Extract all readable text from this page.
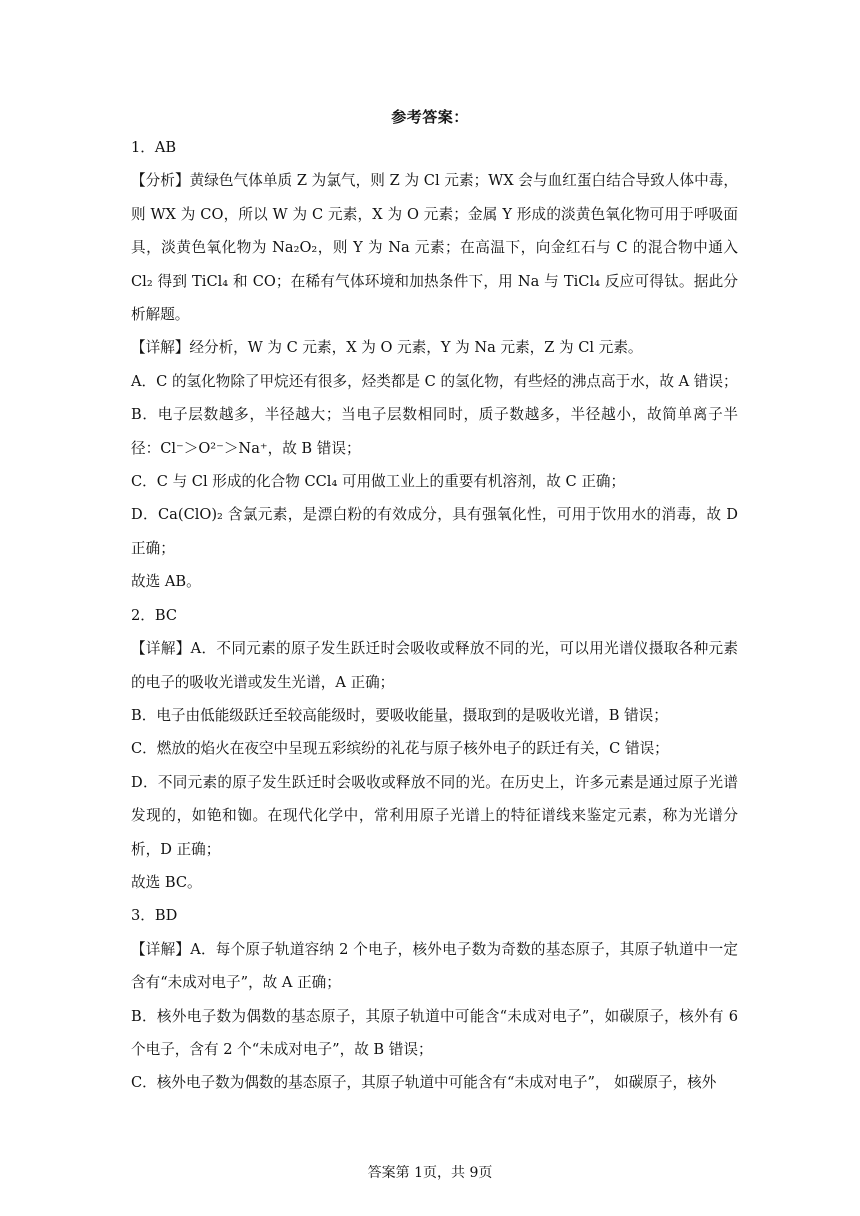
参考答案：

1．AB

【分析】黄绿色气体单质 Z 为氯气，则 Z 为 Cl 元素；WX 会与血红蛋白结合导致人体中毒，则 WX 为 CO，所以 W 为 C 元素，X 为 O 元素；金属 Y 形成的淡黄色氧化物可用于呼吸面具，淡黄色氧化物为 Na₂O₂，则 Y 为 Na 元素；在高温下，向金红石与 C 的混合物中通入 Cl₂ 得到 TiCl₄ 和 CO；在稀有气体环境和加热条件下，用 Na 与 TiCl₄ 反应可得钛。据此分析解题。

【详解】经分析，W 为 C 元素，X 为 O 元素，Y 为 Na 元素，Z 为 Cl 元素。

A．C 的氢化物除了甲烷还有很多，烃类都是 C 的氢化物，有些烃的沸点高于水，故 A 错误；

B．电子层数越多，半径越大；当电子层数相同时，质子数越多，半径越小，故简单离子半径：Cl⁻＞O²⁻＞Na⁺，故 B 错误；

C．C 与 Cl 形成的化合物 CCl₄ 可用做工业上的重要有机溶剂，故 C 正确；

D．Ca(ClO)₂ 含氯元素，是漂白粉的有效成分，具有强氧化性，可用于饮用水的消毒，故 D 正确；

故选 AB。

2．BC

【详解】A．不同元素的原子发生跃迁时会吸收或释放不同的光，可以用光谱仪摄取各种元素的电子的吸收光谱或发生光谱，A 正确；

B．电子由低能级跃迁至较高能级时，要吸收能量，摄取到的是吸收光谱，B 错误；

C．燃放的焰火在夜空中呈现五彩缤纷的礼花与原子核外电子的跃迁有关，C 错误；

D．不同元素的原子发生跃迁时会吸收或释放不同的光。在历史上，许多元素是通过原子光谱发现的，如铯和铷。在现代化学中，常利用原子光谱上的特征谱线来鉴定元素，称为光谱分析，D 正确；

故选 BC。

3．BD

【详解】A．每个原子轨道容纳 2 个电子，核外电子数为奇数的基态原子，其原子轨道中一定含有“未成对电子”，故 A 正确；

B．核外电子数为偶数的基态原子，其原子轨道中可能含“未成对电子”，如碳原子，核外有 6 个电子，含有 2 个“未成对电子”，故 B 错误；

C．核外电子数为偶数的基态原子，其原子轨道中可能含有“未成对电子”， 如碳原子，核外

答案第 1页，共 9页
